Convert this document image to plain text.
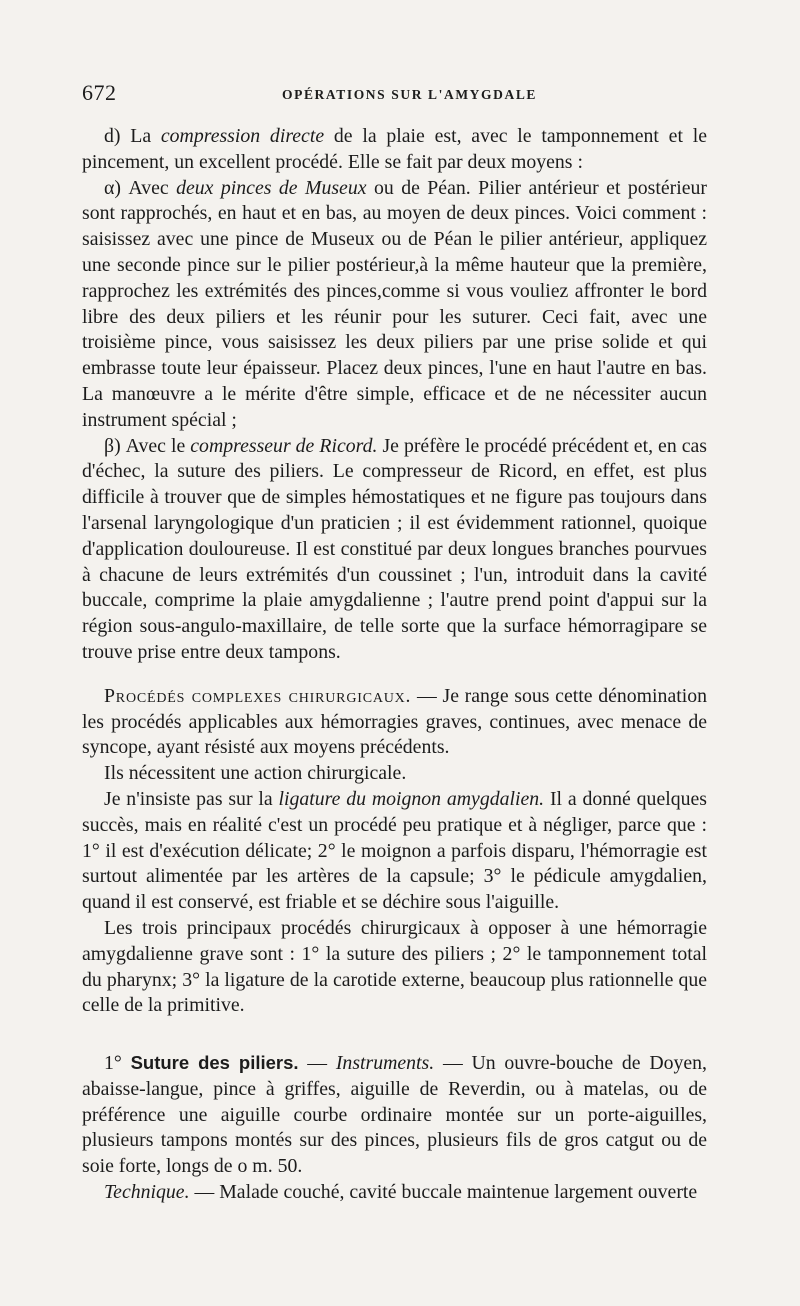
672	OPÉRATIONS SUR L'AMYGDALE

d) La compression directe de la plaie est, avec le tamponnement et le pincement, un excellent procédé. Elle se fait par deux moyens :

α) Avec deux pinces de Museux ou de Péan. Pilier antérieur et postérieur sont rapprochés, en haut et en bas, au moyen de deux pinces. Voici comment : saisissez avec une pince de Museux ou de Péan le pilier antérieur, appliquez une seconde pince sur le pilier postérieur,à la même hauteur que la première, rapprochez les extrémités des pinces,comme si vous vouliez affronter le bord libre des deux piliers et les réunir pour les suturer. Ceci fait, avec une troisième pince, vous saisissez les deux piliers par une prise solide et qui embrasse toute leur épaisseur. Placez deux pinces, l'une en haut l'autre en bas. La manœuvre a le mérite d'être simple, efficace et de ne nécessiter aucun instrument spécial ;

β) Avec le compresseur de Ricord. Je préfère le procédé précédent et, en cas d'échec, la suture des piliers. Le compresseur de Ricord, en effet, est plus difficile à trouver que de simples hémostatiques et ne figure pas toujours dans l'arsenal laryngologique d'un praticien ; il est évidemment rationnel, quoique d'application douloureuse. Il est constitué par deux longues branches pourvues à chacune de leurs extrémités d'un coussinet ; l'un, introduit dans la cavité buccale, comprime la plaie amygdalienne ; l'autre prend point d'appui sur la région sous-angulo-maxillaire, de telle sorte que la surface hémorragipare se trouve prise entre deux tampons.

Procédés complexes chirurgicaux. — Je range sous cette dénomination les procédés applicables aux hémorragies graves, continues, avec menace de syncope, ayant résisté aux moyens précédents.

Ils nécessitent une action chirurgicale.

Je n'insiste pas sur la ligature du moignon amygdalien. Il a donné quelques succès, mais en réalité c'est un procédé peu pratique et à négliger, parce que : 1° il est d'exécution délicate; 2° le moignon a parfois disparu, l'hémorragie est surtout alimentée par les artères de la capsule; 3° le pédicule amygdalien, quand il est conservé, est friable et se déchire sous l'aiguille.

Les trois principaux procédés chirurgicaux à opposer à une hémorragie amygdalienne grave sont : 1° la suture des piliers ; 2° le tamponnement total du pharynx; 3° la ligature de la carotide externe, beaucoup plus rationnelle que celle de la primitive.

1° Suture des piliers. — Instruments. — Un ouvre-bouche de Doyen, abaisse-langue, pince à griffes, aiguille de Reverdin, ou à matelas, ou de préférence une aiguille courbe ordinaire montée sur un porte-aiguilles, plusieurs tampons montés sur des pinces, plusieurs fils de gros catgut ou de soie forte, longs de o m. 50.

Technique. — Malade couché, cavité buccale maintenue largement ouverte
